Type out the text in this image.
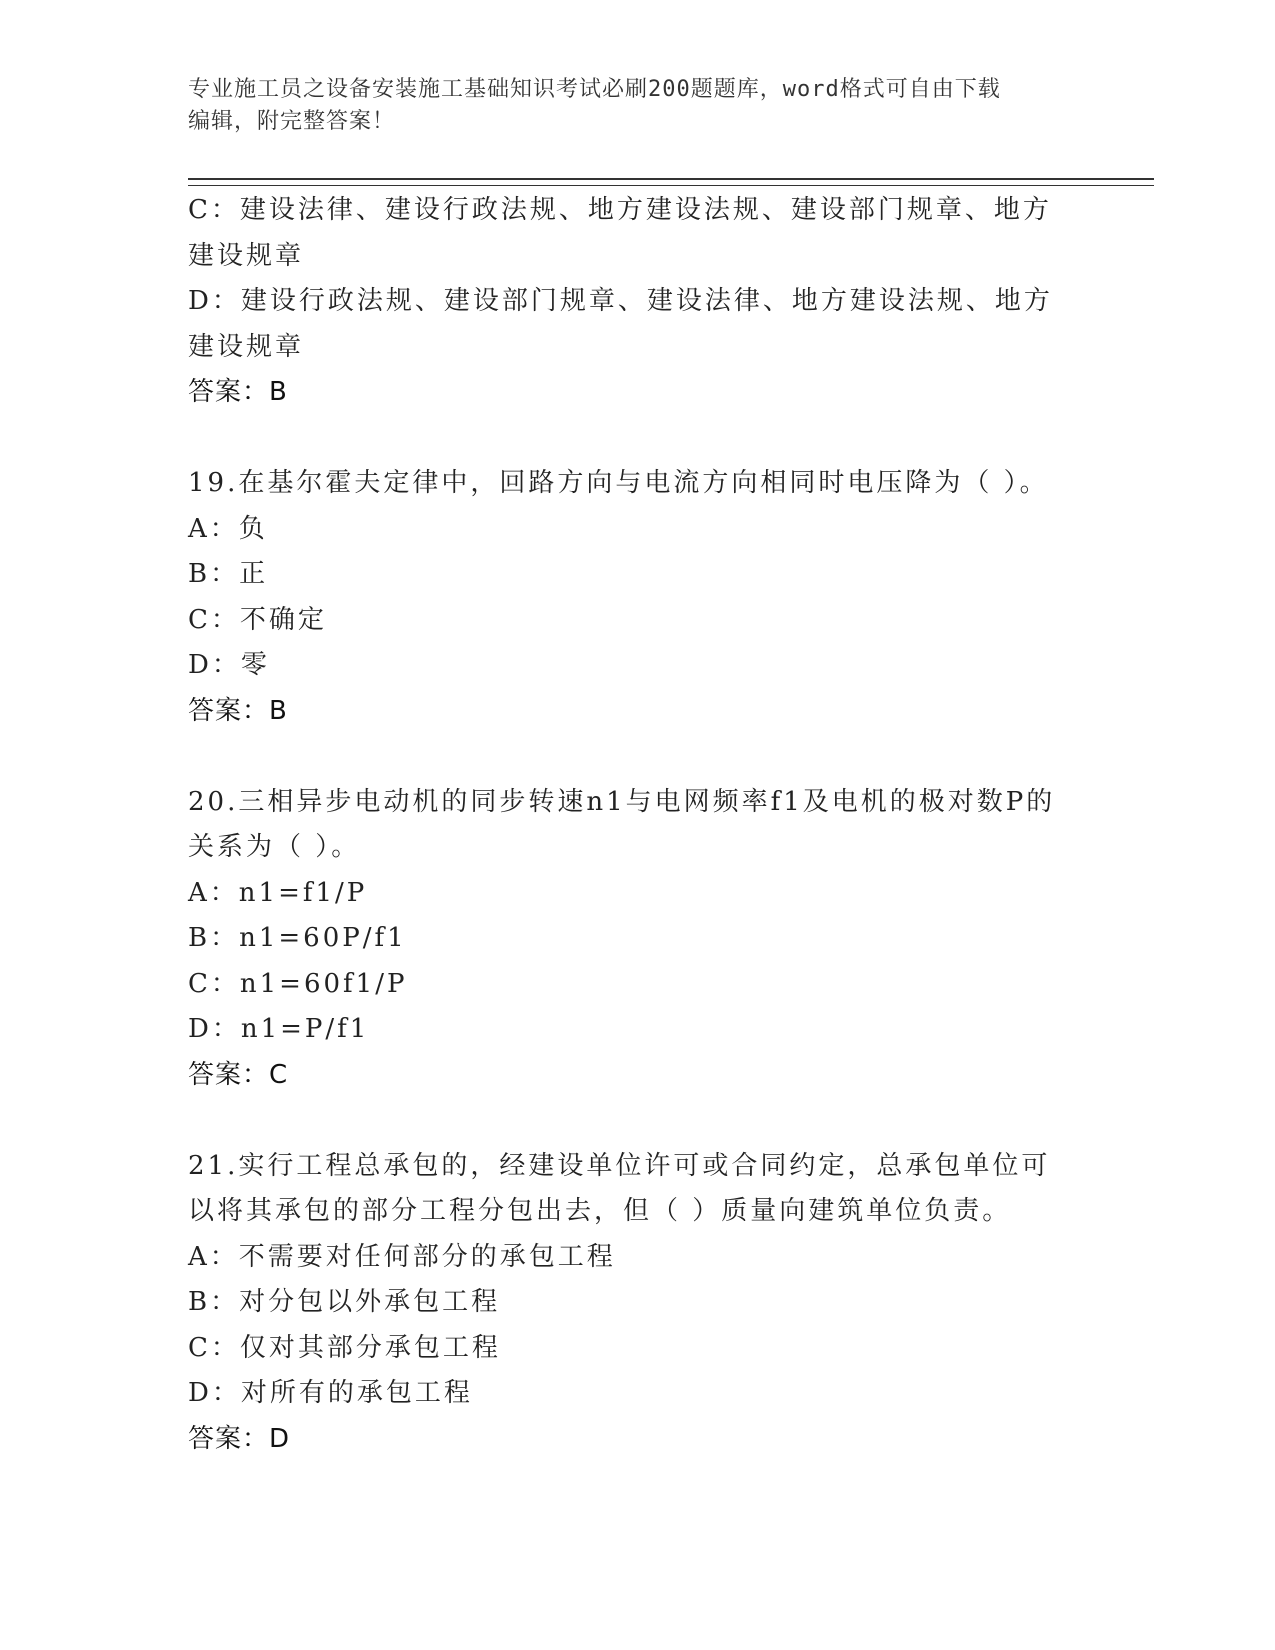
专业施工员之设备安装施工基础知识考试必刷200题题库，word格式可自由下载
编辑，附完整答案！

C：建设法律、建设行政法规、地方建设法规、建设部门规章、地方建设规章

D：建设行政法规、建设部门规章、建设法律、地方建设法规、地方建设规章

答案：B

19.在基尔霍夫定律中，回路方向与电流方向相同时电压降为（ ）。

A：负

B：正

C：不确定

D：零

答案：B

20.三相异步电动机的同步转速n1与电网频率f1及电机的极对数P的关系为（ ）。

A：n1=f1/P

B：n1=60P/f1

C：n1=60f1/P

D：n1=P/f1

答案：C

21.实行工程总承包的，经建设单位许可或合同约定，总承包单位可以将其承包的部分工程分包出去，但（ ）质量向建筑单位负责。

A：不需要对任何部分的承包工程

B：对分包以外承包工程

C：仅对其部分承包工程

D：对所有的承包工程

答案：D
